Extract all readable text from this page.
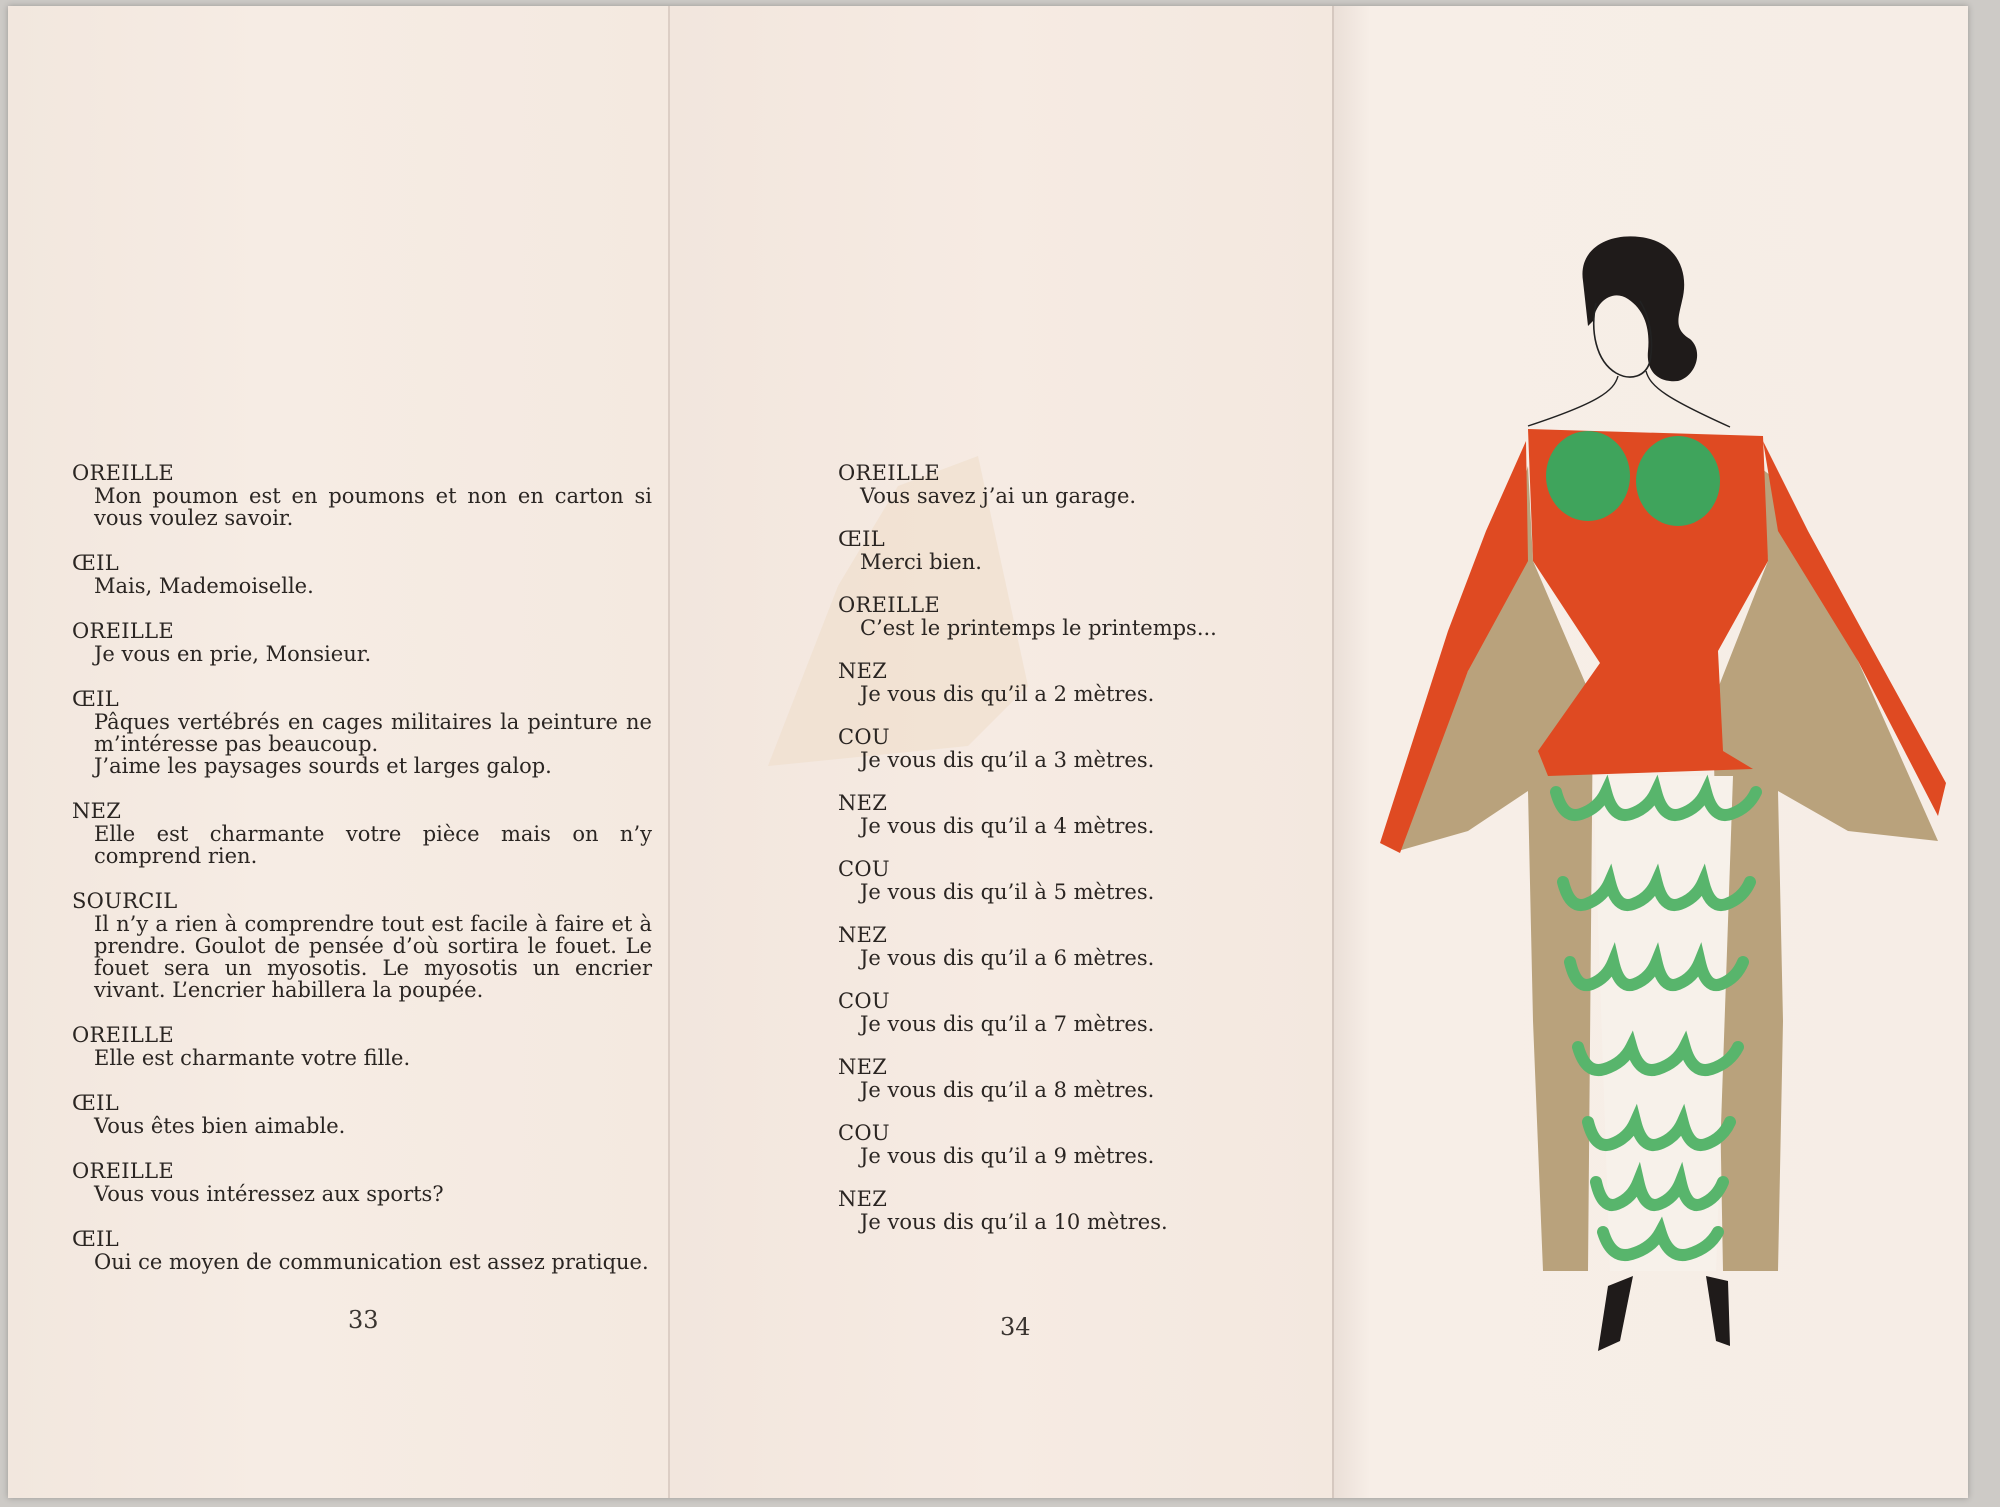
OREILLE

Mon poumon est en poumons et non en carton si vous voulez savoir.

ŒIL

Mais, Mademoiselle.

OREILLE

Je vous en prie, Monsieur.

ŒIL

Pâques vertébrés en cages militaires la peinture ne m’intéresse pas beaucoup.

J’aime les paysages sourds et larges galop.

NEZ

Elle est charmante votre pièce mais on n’y comprend rien.

SOURCIL

Il n’y a rien à comprendre tout est facile à faire et à prendre. Goulot de pensée d’où sortira le fouet. Le fouet sera un myosotis. Le myosotis un encrier vivant. L’encrier habillera la poupée.

OREILLE

Elle est charmante votre fille.

ŒIL

Vous êtes bien aimable.

OREILLE

Vous vous intéressez aux sports?

ŒIL

Oui ce moyen de communication est assez pratique.

33

OREILLE

Vous savez j’ai un garage.

ŒIL

Merci bien.

OREILLE

C’est le printemps le printemps...

NEZ

Je vous dis qu’il a 2 mètres.

COU

Je vous dis qu’il a 3 mètres.

NEZ

Je vous dis qu’il a 4 mètres.

COU

Je vous dis qu’il à 5 mètres.

NEZ

Je vous dis qu’il a 6 mètres.

COU

Je vous dis qu’il a 7 mètres.

NEZ

Je vous dis qu’il a 8 mètres.

COU

Je vous dis qu’il a 9 mètres.

NEZ

Je vous dis qu’il a 10 mètres.

34
